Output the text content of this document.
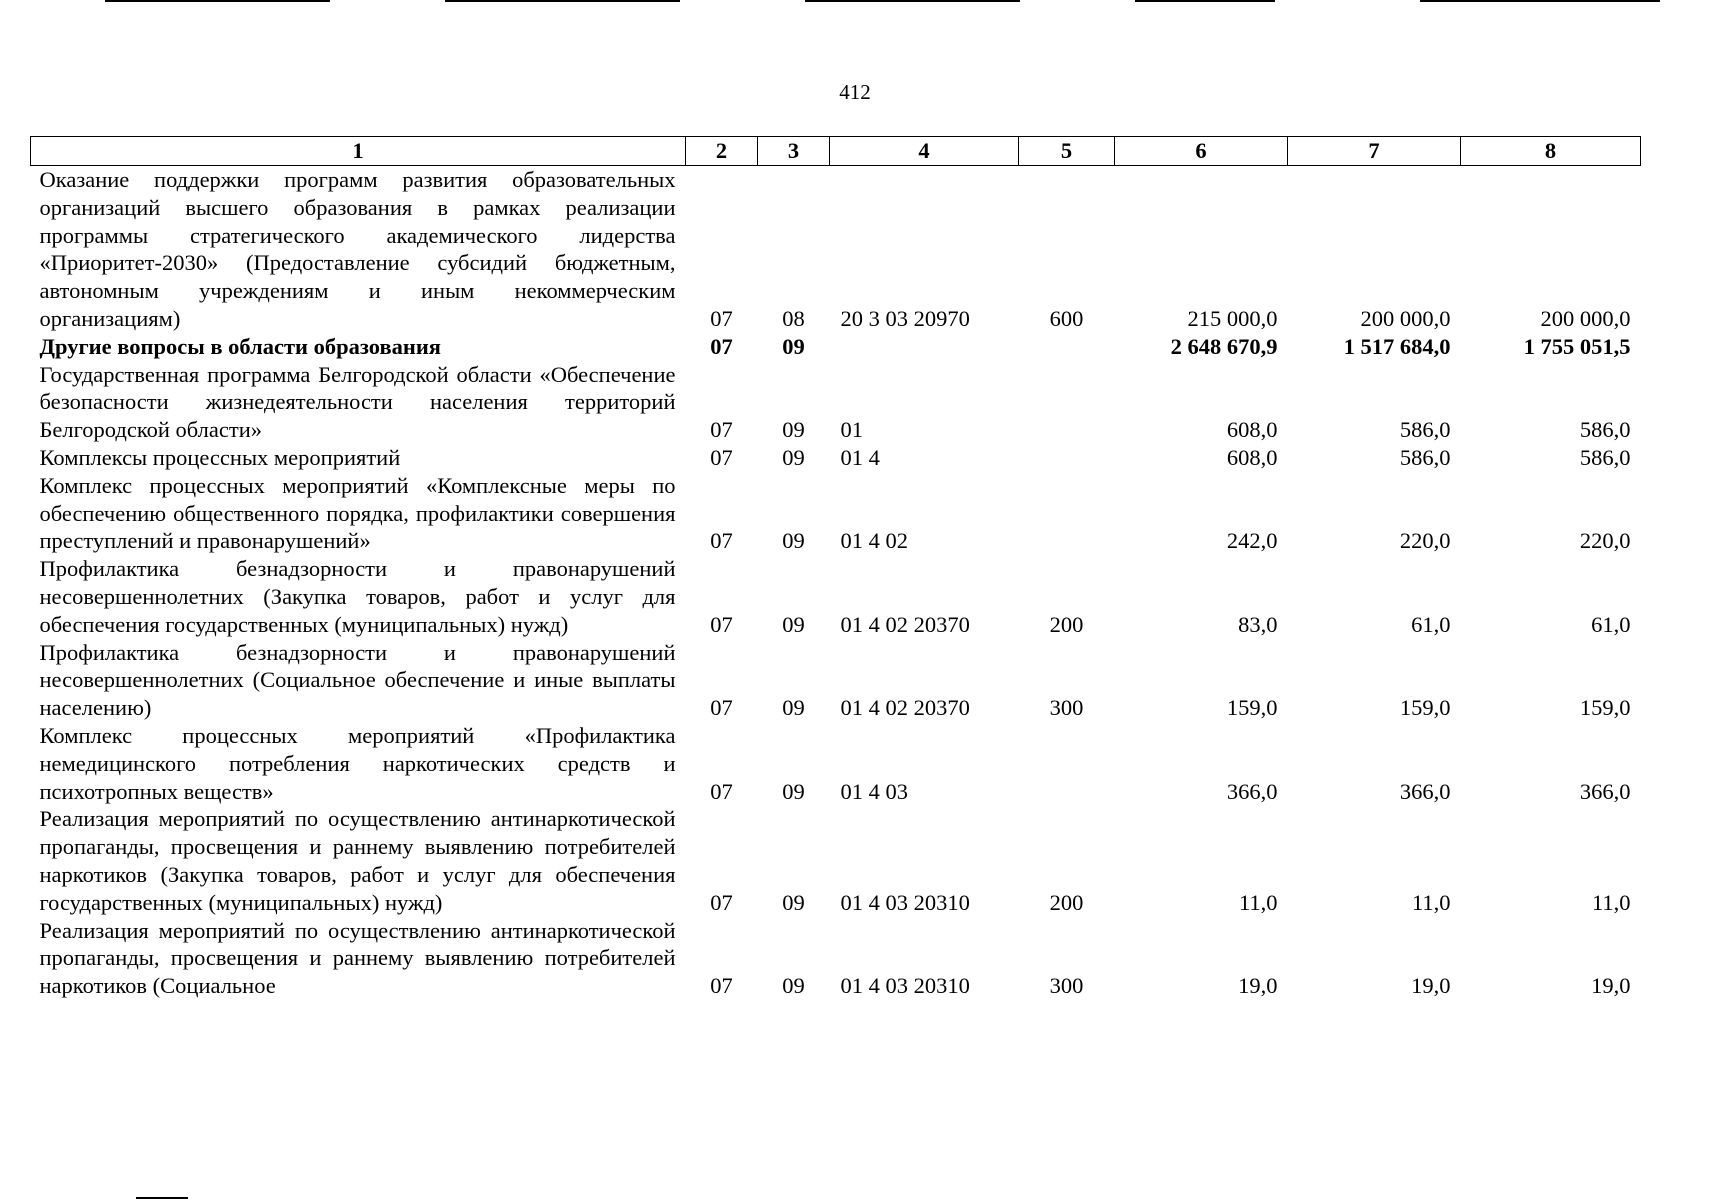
412
1	2	3	4	5	6	7	8
Оказание поддержки программ развития образовательных организаций высшего образования в рамках реализации программы стратегического академического лидерства «Приоритет-2030» (Предоставление субсидий бюджетным, автономным учреждениям и иным некоммерческим организациям)	07	08	20 3 03 20970	600	215 000,0	200 000,0	200 000,0
Другие вопросы в области образования	07	09			2 648 670,9	1 517 684,0	1 755 051,5
Государственная программа Белгородской области «Обеспечение безопасности жизнедеятельности населения территорий Белгородской области»	07	09	01		608,0	586,0	586,0
Комплексы процессных мероприятий	07	09	01 4		608,0	586,0	586,0
Комплекс процессных мероприятий «Комплексные меры по обеспечению общественного порядка, профилактики совершения преступлений и правонарушений»	07	09	01 4 02		242,0	220,0	220,0
Профилактика безнадзорности и правонарушений несовершеннолетних (Закупка товаров, работ и услуг для обеспечения государственных (муниципальных) нужд)	07	09	01 4 02 20370	200	83,0	61,0	61,0
Профилактика безнадзорности и правонарушений несовершеннолетних (Социальное обеспечение и иные выплаты населению)	07	09	01 4 02 20370	300	159,0	159,0	159,0
Комплекс процессных мероприятий «Профилактика немедицинского потребления наркотических средств и психотропных веществ»	07	09	01 4 03		366,0	366,0	366,0
Реализация мероприятий по осуществлению антинаркотической пропаганды, просвещения и раннему выявлению потребителей наркотиков (Закупка товаров, работ и услуг для обеспечения государственных (муниципальных) нужд)	07	09	01 4 03 20310	200	11,0	11,0	11,0
Реализация мероприятий по осуществлению антинаркотической пропаганды, просвещения и раннему выявлению потребителей наркотиков (Социальное	07	09	01 4 03 20310	300	19,0	19,0	19,0
